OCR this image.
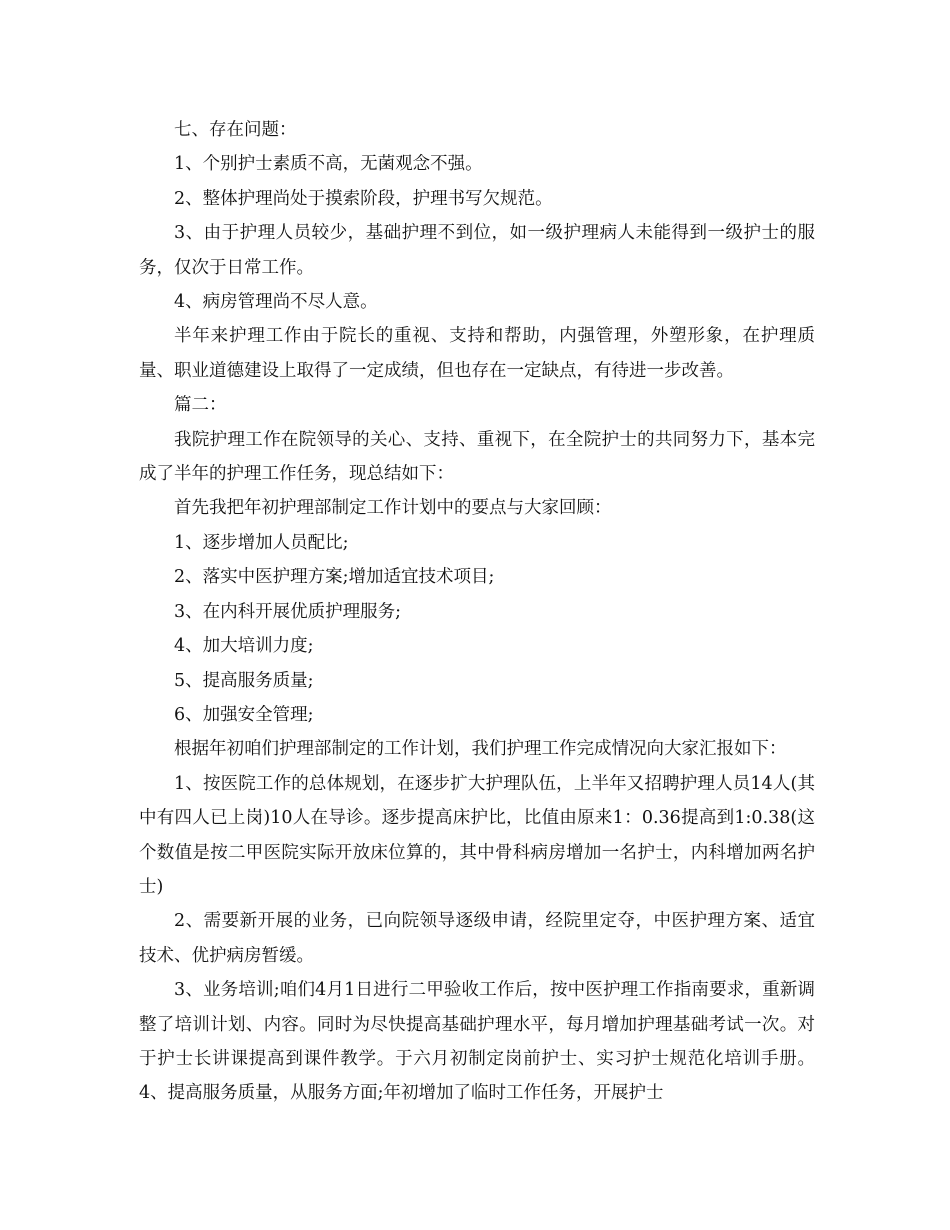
七、存在问题：

1、个别护士素质不高，无菌观念不强。

2、整体护理尚处于摸索阶段，护理书写欠规范。

3、由于护理人员较少，基础护理不到位，如一级护理病人未能得到一级护士的服务，仅次于日常工作。

4、病房管理尚不尽人意。

半年来护理工作由于院长的重视、支持和帮助，内强管理，外塑形象，在护理质量、职业道德建设上取得了一定成绩，但也存在一定缺点，有待进一步改善。

篇二：

我院护理工作在院领导的关心、支持、重视下，在全院护士的共同努力下，基本完成了半年的护理工作任务，现总结如下：

首先我把年初护理部制定工作计划中的要点与大家回顾：

1、逐步增加人员配比;

2、落实中医护理方案;增加适宜技术项目;

3、在内科开展优质护理服务;

4、加大培训力度;

5、提高服务质量;

6、加强安全管理;

根据年初咱们护理部制定的工作计划，我们护理工作完成情况向大家汇报如下：

1、按医院工作的总体规划，在逐步扩大护理队伍，上半年又招聘护理人员14人(其中有四人已上岗)10人在导诊。逐步提高床护比，比值由原来1：0.36提高到1:0.38(这个数值是按二甲医院实际开放床位算的，其中骨科病房增加一名护士，内科增加两名护士)

2、需要新开展的业务，已向院领导逐级申请，经院里定夺，中医护理方案、适宜技术、优护病房暂缓。

3、业务培训;咱们4月1日进行二甲验收工作后，按中医护理工作指南要求，重新调整了培训计划、内容。同时为尽快提高基础护理水平，每月增加护理基础考试一次。对于护士长讲课提高到课件教学。于六月初制定岗前护士、实习护士规范化培训手册。4、提高服务质量，从服务方面;年初增加了临时工作任务，开展护士
